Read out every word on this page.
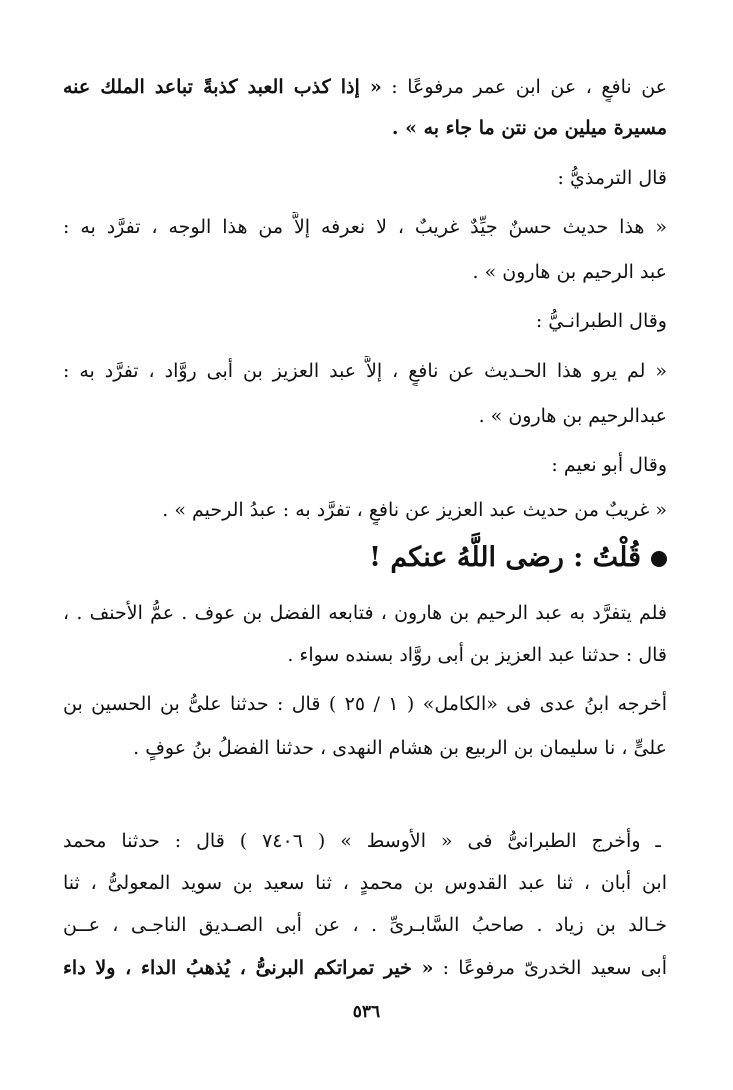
عن نافعٍ ، عن ابن عمر مرفوعًا : « إذا كذب العبد كذبةً تباعد الملك عنه
مسيرة ميلين من نتن ما جاء به » .
قال الترمذيُّ :
« هذا حديث حسنٌ جيِّدٌ غريبٌ ، لا نعرفه إلاَّ من هذا الوجه ، تفرَّد به :
عبد الرحيم بن هارون » .
وقال الطبرانـيُّ :
« لم يرو هذا الحـديث عن نافعٍ ، إلاَّ عبد العزيز بن أبى روَّاد ، تفرَّد به :
عبدالرحيم بن هارون » .
وقال أبو نعيم :
« غريبٌ من حديث عبد العزيز عن نافعٍ ، تفرَّد به : عبدُ الرحيم » .
قُلْتُ : رضى اللَّهُ عنكم !
فلم يتفرَّد به عبد الرحيم بن هارون ، فتابعه الفضل بن عوف . عمُّ الأحنف . ،
قال : حدثنا عبد العزيز بن أبى روَّاد بسنده سواء .
أخرجه ابنُ عدى فى «الكامل» ( ١ / ٢٥ ) قال : حدثنا علىُّ بن الحسين بن
علىٍّ ، نا سليمان بن الربيع بن هشام النهدى ، حدثنا الفضلُ بنُ عوفٍ .
ـ وأخرج الطبرانىُّ فى « الأوسط » ( ٧٤٠٦ ) قال : حدثنا محمد
ابن أبان ، ثنا عبد القدوس بن محمدٍ ، ثنا سعيد بن سويد المعولىُّ ، ثنا
خـالد بن زياد . صاحبُ السَّابـرىِّ . ، عن أبى الصـديق الناجـى ، عــن
أبى سعيد الخدرىّ مرفوعًا : « خير تمراتكم البرنىُّ ، يُذهبُ الداء ، ولا داء
٥٣٦
